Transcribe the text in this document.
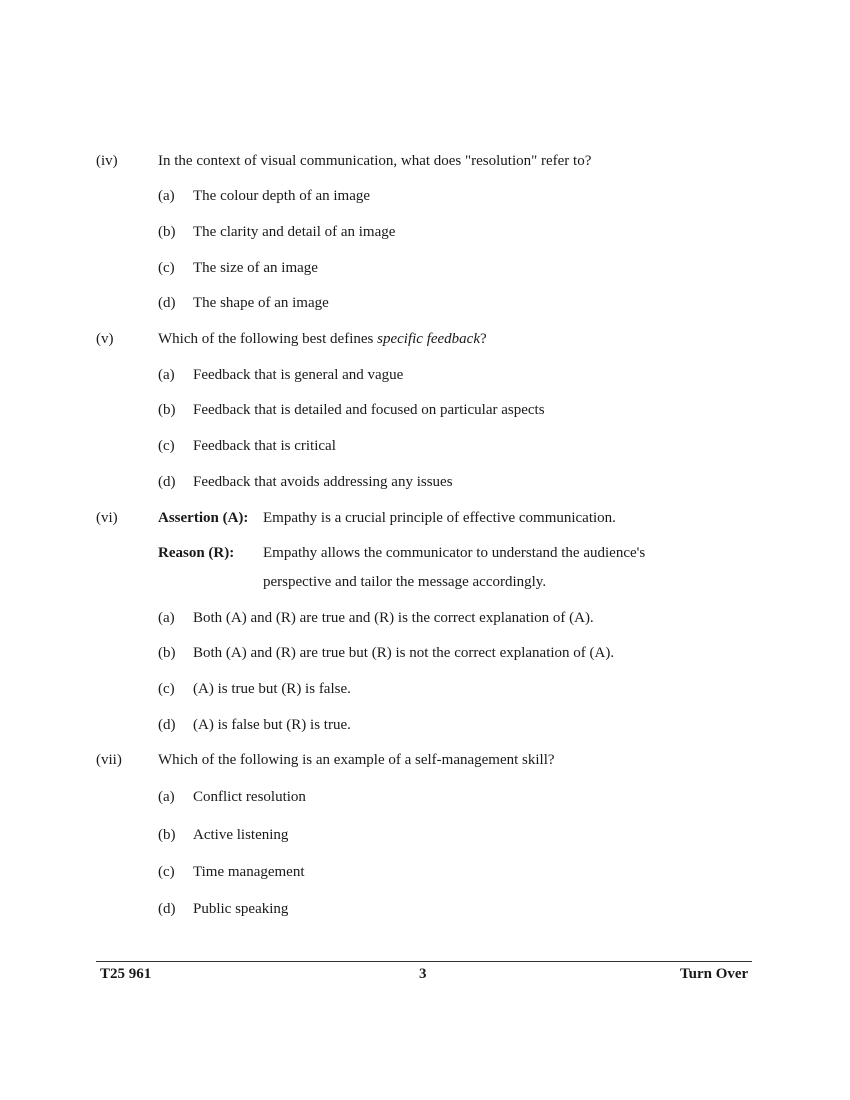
(iv)	In the context of visual communication, what does "resolution" refer to?
(a) The colour depth of an image
(b) The clarity and detail of an image
(c) The size of an image
(d) The shape of an image
(v)	Which of the following best defines specific feedback?
(a) Feedback that is general and vague
(b) Feedback that is detailed and focused on particular aspects
(c) Feedback that is critical
(d) Feedback that avoids addressing any issues
(vi)	Assertion (A): Empathy is a crucial principle of effective communication.
Reason (R): Empathy allows the communicator to understand the audience's
perspective and tailor the message accordingly.
(a) Both (A) and (R) are true and (R) is the correct explanation of (A).
(b) Both (A) and (R) are true but (R) is not the correct explanation of (A).
(c) (A) is true but (R) is false.
(d) (A) is false but (R) is true.
(vii) Which of the following is an example of a self-management skill?
(a) Conflict resolution
(b) Active listening
(c) Time management
(d) Public speaking
T25 961	3	Turn Over
